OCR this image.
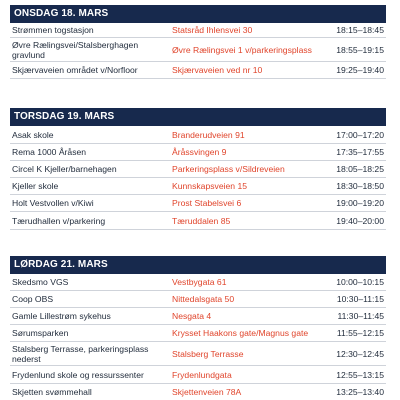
ONSDAG 18. MARS
Strømmen togstasjon	Statsråd Ihlensvei 30	18:15–18:45
Øvre Rælingsvei/Stalsberghagen gravlund	Øvre Rælingsvei 1 v/parkeringsplass	18:55–19:15
Skjærvaveien området v/Norfloor	Skjærvaveien ved nr 10	19:25–19:40
TORSDAG 19. MARS
Asak skole	Branderudveien 91	17:00–17:20
Rema 1000 Åråsen	Åråssvingen 9	17:35–17:55
Circel K Kjeller/barnehagen	Parkeringsplass v/Sildreveien	18:05–18:25
Kjeller skole	Kunnskapsveien 15	18:30–18:50
Holt Vestvollen v/Kiwi	Prost Stabelsvei 6	19:00–19:20
Tærudhallen v/parkering	Tæruddalen 85	19:40–20:00
LØRDAG 21. MARS
Skedsmo VGS	Vestbygata 61	10:00–10:15
Coop OBS	Nittedalsgata 50	10:30–11:15
Gamle Lillestrøm sykehus	Nesgata 4	11:30–11:45
Sørumsparken	Krysset Haakons gate/Magnus gate	11:55–12:15
Stalsberg Terrasse, parkeringsplass nederst	Stalsberg Terrasse	12:30–12:45
Frydenlund skole og ressurssenter	Frydenlundgata	12:55–13:15
Skjetten svømmehall	Skjettenveien 78A	13:25–13:40
